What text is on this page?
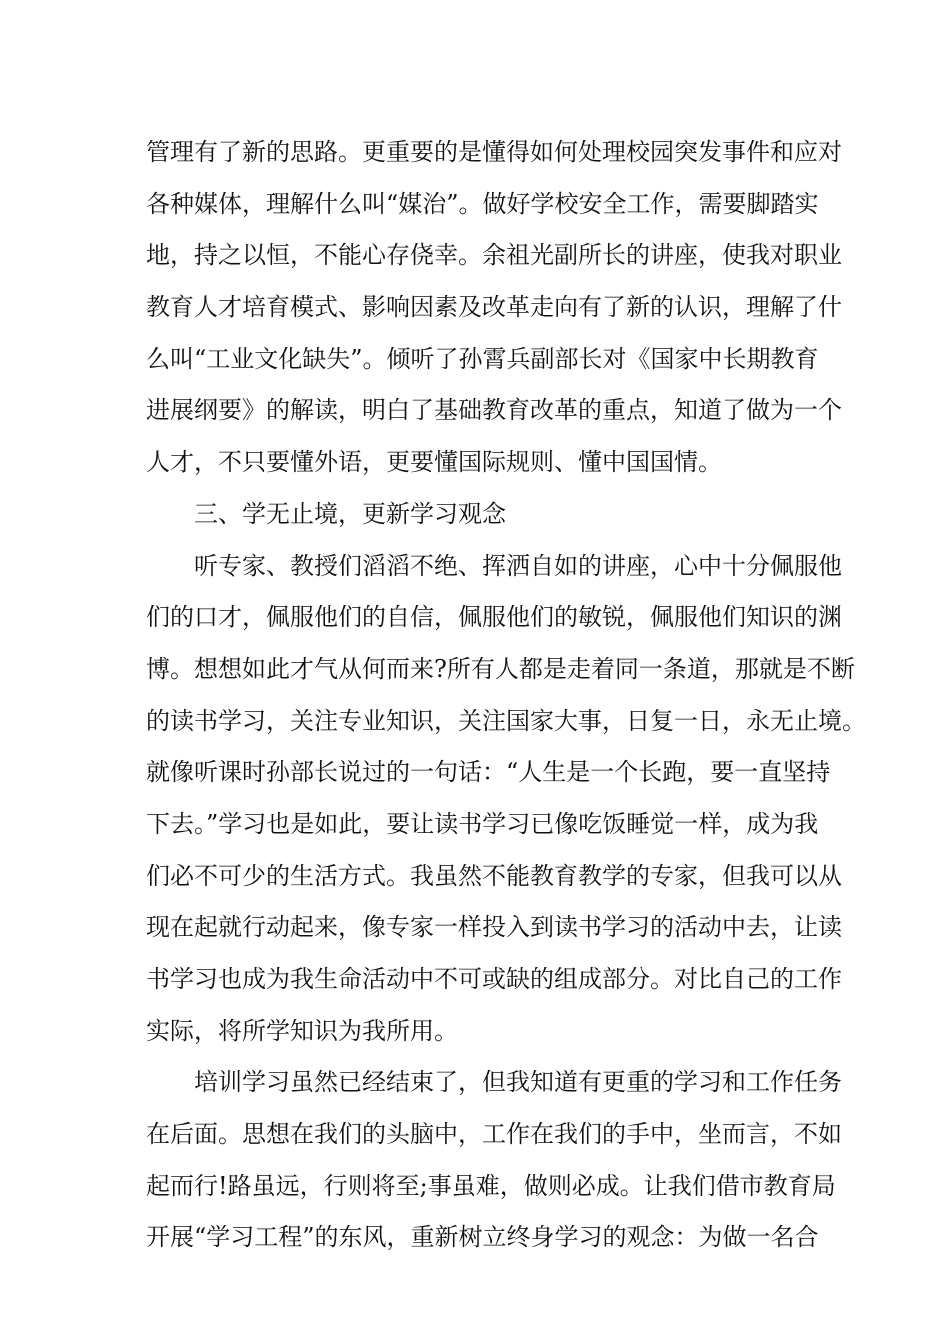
管理有了新的思路。更重要的是懂得如何处理校园突发事件和应对
各种媒体，理解什么叫“媒治”。做好学校安全工作，需要脚踏实
地，持之以恒，不能心存侥幸。余祖光副所长的讲座，使我对职业
教育人才培育模式、影响因素及改革走向有了新的认识，理解了什
么叫“工业文化缺失”。倾听了孙霄兵副部长对《国家中长期教育
进展纲要》的解读，明白了基础教育改革的重点，知道了做为一个
人才，不只要懂外语，更要懂国际规则、懂中国国情。
三、学无止境，更新学习观念
听专家、教授们滔滔不绝、挥洒自如的讲座，心中十分佩服他
们的口才，佩服他们的自信，佩服他们的敏锐，佩服他们知识的渊
博。想想如此才气从何而来?所有人都是走着同一条道，那就是不断
的读书学习，关注专业知识，关注国家大事，日复一日，永无止境。
就像听课时孙部长说过的一句话：“人生是一个长跑，要一直坚持
下去。”学习也是如此，要让读书学习已像吃饭睡觉一样，成为我
们必不可少的生活方式。我虽然不能教育教学的专家，但我可以从
现在起就行动起来，像专家一样投入到读书学习的活动中去，让读
书学习也成为我生命活动中不可或缺的组成部分。对比自己的工作
实际，将所学知识为我所用。
培训学习虽然已经结束了，但我知道有更重的学习和工作任务
在后面。思想在我们的头脑中，工作在我们的手中，坐而言，不如
起而行!路虽远，行则将至;事虽难，做则必成。让我们借市教育局
开展“学习工程”的东风，重新树立终身学习的观念：为做一名合
